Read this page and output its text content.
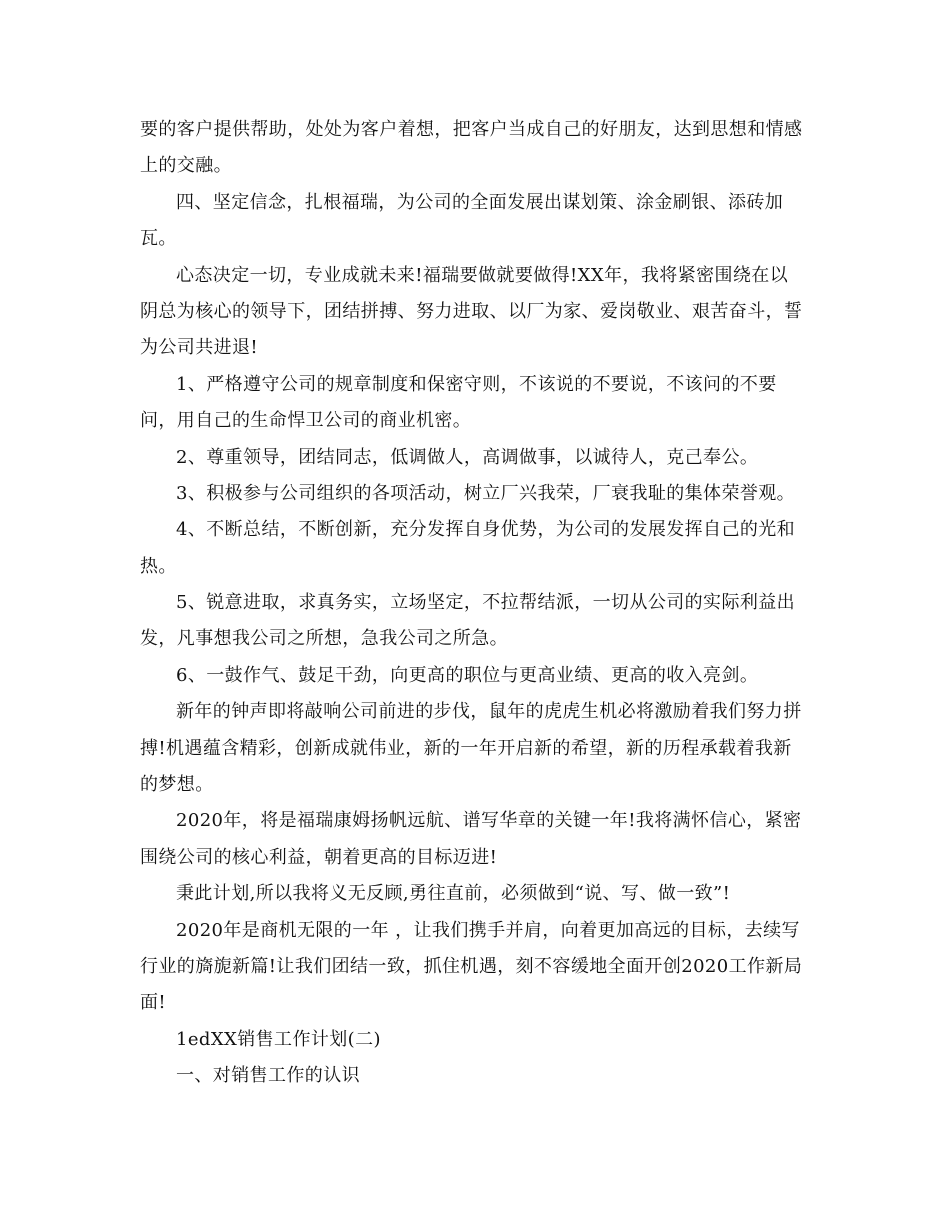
要的客户提供帮助，处处为客户着想，把客户当成自己的好朋友，达到思想和情感
上的交融。
四、坚定信念，扎根福瑞，为公司的全面发展出谋划策、涂金刷银、添砖加
瓦。
心态决定一切，专业成就未来!福瑞要做就要做得!XX年，我将紧密围绕在以
阴总为核心的领导下，团结拼搏、努力进取、以厂为家、爱岗敬业、艰苦奋斗，誓
为公司共进退!
1、严格遵守公司的规章制度和保密守则，不该说的不要说，不该问的不要
问，用自己的生命悍卫公司的商业机密。
2、尊重领导，团结同志，低调做人，高调做事，以诚待人，克己奉公。
3、积极参与公司组织的各项活动，树立厂兴我荣，厂衰我耻的集体荣誉观。
4、不断总结，不断创新，充分发挥自身优势，为公司的发展发挥自己的光和
热。
5、锐意进取，求真务实，立场坚定，不拉帮结派，一切从公司的实际利益出
发，凡事想我公司之所想，急我公司之所急。
6、一鼓作气、鼓足干劲，向更高的职位与更高业绩、更高的收入亮剑。
新年的钟声即将敲响公司前进的步伐，鼠年的虎虎生机必将激励着我们努力拼
搏!机遇蕴含精彩，创新成就伟业，新的一年开启新的希望，新的历程承载着我新
的梦想。
2020年，将是福瑞康姆扬帆远航、谱写华章的关键一年!我将满怀信心，紧密
围绕公司的核心利益，朝着更高的目标迈进!
秉此计划,所以我将义无反顾,勇往直前，必须做到“说、写、做一致”!
2020年是商机无限的一年 ，让我们携手并肩，向着更加高远的目标，去续写
行业的旖旎新篇!让我们团结一致，抓住机遇，刻不容缓地全面开创2020工作新局
面!
1edXX销售工作计划(二)
一、对销售工作的认识
